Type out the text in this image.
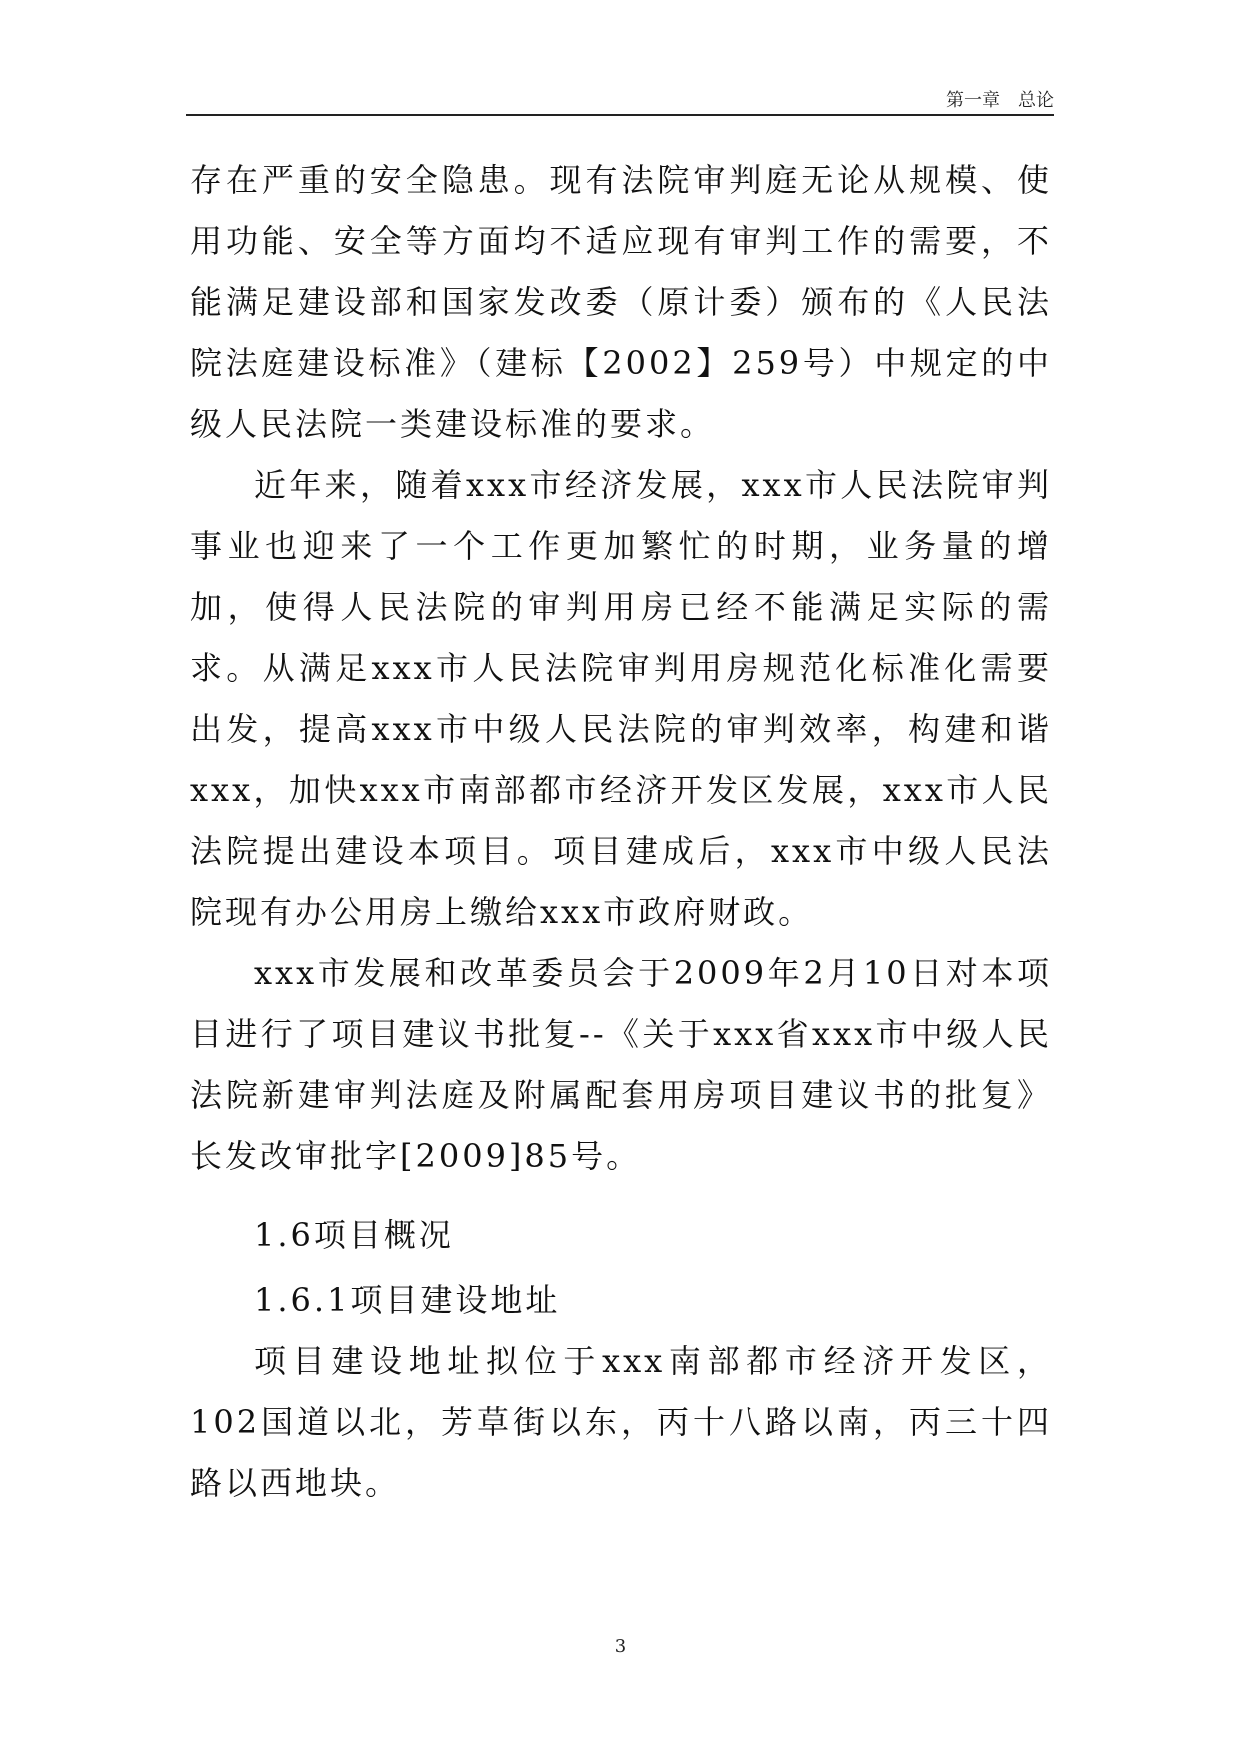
第一章　总论

存在严重的安全隐患。现有法院审判庭无论从规模、使用功能、安全等方面均不适应现有审判工作的需要，不能满足建设部和国家发改委（原计委）颁布的《人民法院法庭建设标准》（建标【2002】259号）中规定的中级人民法院一类建设标准的要求。

近年来，随着xxx市经济发展，xxx市人民法院审判事业也迎来了一个工作更加繁忙的时期，业务量的增加，使得人民法院的审判用房已经不能满足实际的需求。从满足xxx市人民法院审判用房规范化标准化需要出发，提高xxx市中级人民法院的审判效率，构建和谐xxx，加快xxx市南部都市经济开发区发展，xxx市人民法院提出建设本项目。项目建成后，xxx市中级人民法院现有办公用房上缴给xxx市政府财政。

xxx市发展和改革委员会于2009年2月10日对本项目进行了项目建议书批复--《关于xxx省xxx市中级人民法院新建审判法庭及附属配套用房项目建议书的批复》长发改审批字[2009]85号。

1.6项目概况

1.6.1项目建设地址

项目建设地址拟位于xxx南部都市经济开发区，102国道以北，芳草街以东，丙十八路以南，丙三十四路以西地块。

3
